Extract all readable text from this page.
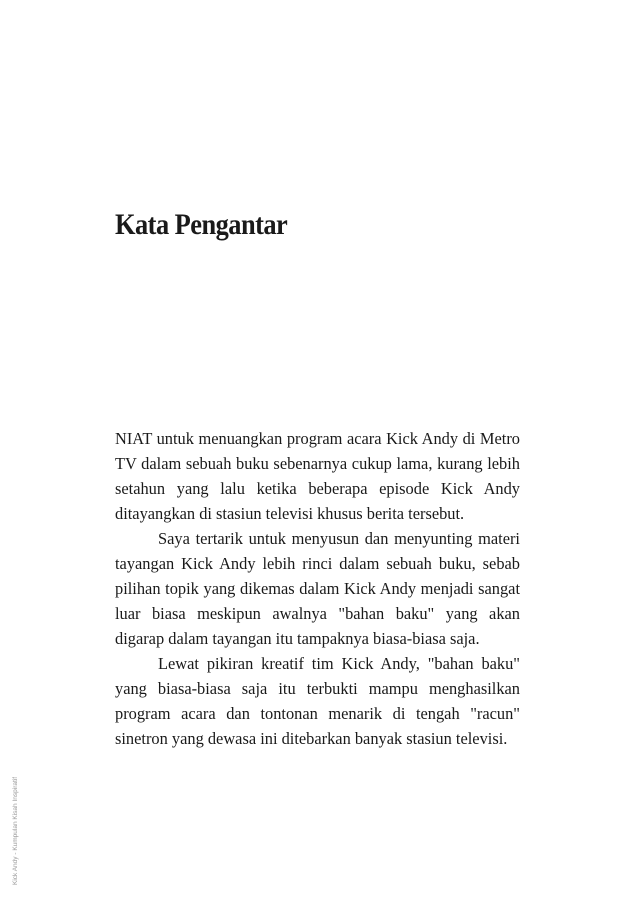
Kata Pengantar

NIAT untuk menuangkan program acara Kick Andy di Metro TV dalam sebuah buku sebenarnya cukup lama, kurang lebih setahun yang lalu ketika beberapa episode Kick Andy ditayangkan di stasiun televisi khusus berita tersebut.

Saya tertarik untuk menyusun dan menyunting materi tayangan Kick Andy lebih rinci dalam sebuah buku, sebab pilihan topik yang dikemas dalam Kick Andy menjadi sangat luar biasa meskipun awalnya "bahan baku" yang akan digarap dalam tayangan itu tampaknya biasa-biasa saja.

Lewat pikiran kreatif tim Kick Andy, "bahan baku" yang biasa-biasa saja itu terbukti mampu menghasilkan program acara dan tontonan menarik di tengah "racun" sinetron yang dewasa ini ditebarkan banyak stasiun televisi.

Kick Andy - Kumpulan Kisah Inspiratif
